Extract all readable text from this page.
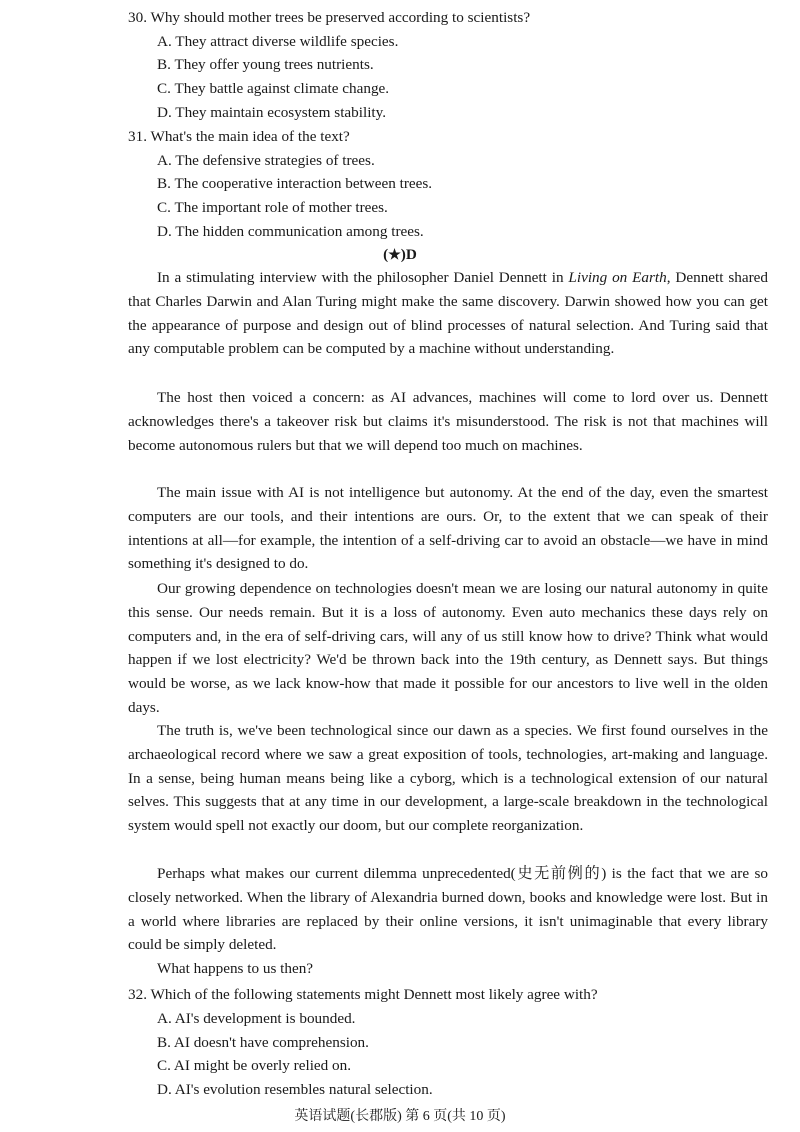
30. Why should mother trees be preserved according to scientists?
A. They attract diverse wildlife species.
B. They offer young trees nutrients.
C. They battle against climate change.
D. They maintain ecosystem stability.
31. What's the main idea of the text?
A. The defensive strategies of trees.
B. The cooperative interaction between trees.
C. The important role of mother trees.
D. The hidden communication among trees.
(★)D

In a stimulating interview with the philosopher Daniel Dennett in Living on Earth, Dennett shared that Charles Darwin and Alan Turing might make the same discovery. Darwin showed how you can get the appearance of purpose and design out of blind processes of natural selection. And Turing said that any computable problem can be computed by a machine without understanding.

The host then voiced a concern: as AI advances, machines will come to lord over us. Dennett acknowledges there's a takeover risk but claims it's misunderstood. The risk is not that machines will become autonomous rulers but that we will depend too much on machines.

The main issue with AI is not intelligence but autonomy. At the end of the day, even the smartest computers are our tools, and their intentions are ours. Or, to the extent that we can speak of their intentions at all—for example, the intention of a self-driving car to avoid an obstacle—we have in mind something it's designed to do.

Our growing dependence on technologies doesn't mean we are losing our natural autonomy in quite this sense. Our needs remain. But it is a loss of autonomy. Even auto mechanics these days rely on computers and, in the era of self-driving cars, will any of us still know how to drive? Think what would happen if we lost electricity? We'd be thrown back into the 19th century, as Dennett says. But things would be worse, as we lack know-how that made it possible for our ancestors to live well in the olden days.

The truth is, we've been technological since our dawn as a species. We first found ourselves in the archaeological record where we saw a great exposition of tools, technologies, art-making and language. In a sense, being human means being like a cyborg, which is a technological extension of our natural selves. This suggests that at any time in our development, a large-scale breakdown in the technological system would spell not exactly our doom, but our complete reorganization.

Perhaps what makes our current dilemma unprecedented(史无前例的) is the fact that we are so closely networked. When the library of Alexandria burned down, books and knowledge were lost. But in a world where libraries are replaced by their online versions, it isn't unimaginable that every library could be simply deleted.

What happens to us then?

32. Which of the following statements might Dennett most likely agree with?
A. AI's development is bounded.
B. AI doesn't have comprehension.
C. AI might be overly relied on.
D. AI's evolution resembles natural selection.
英语试题(长郡版) 第 6 页(共 10 页)
